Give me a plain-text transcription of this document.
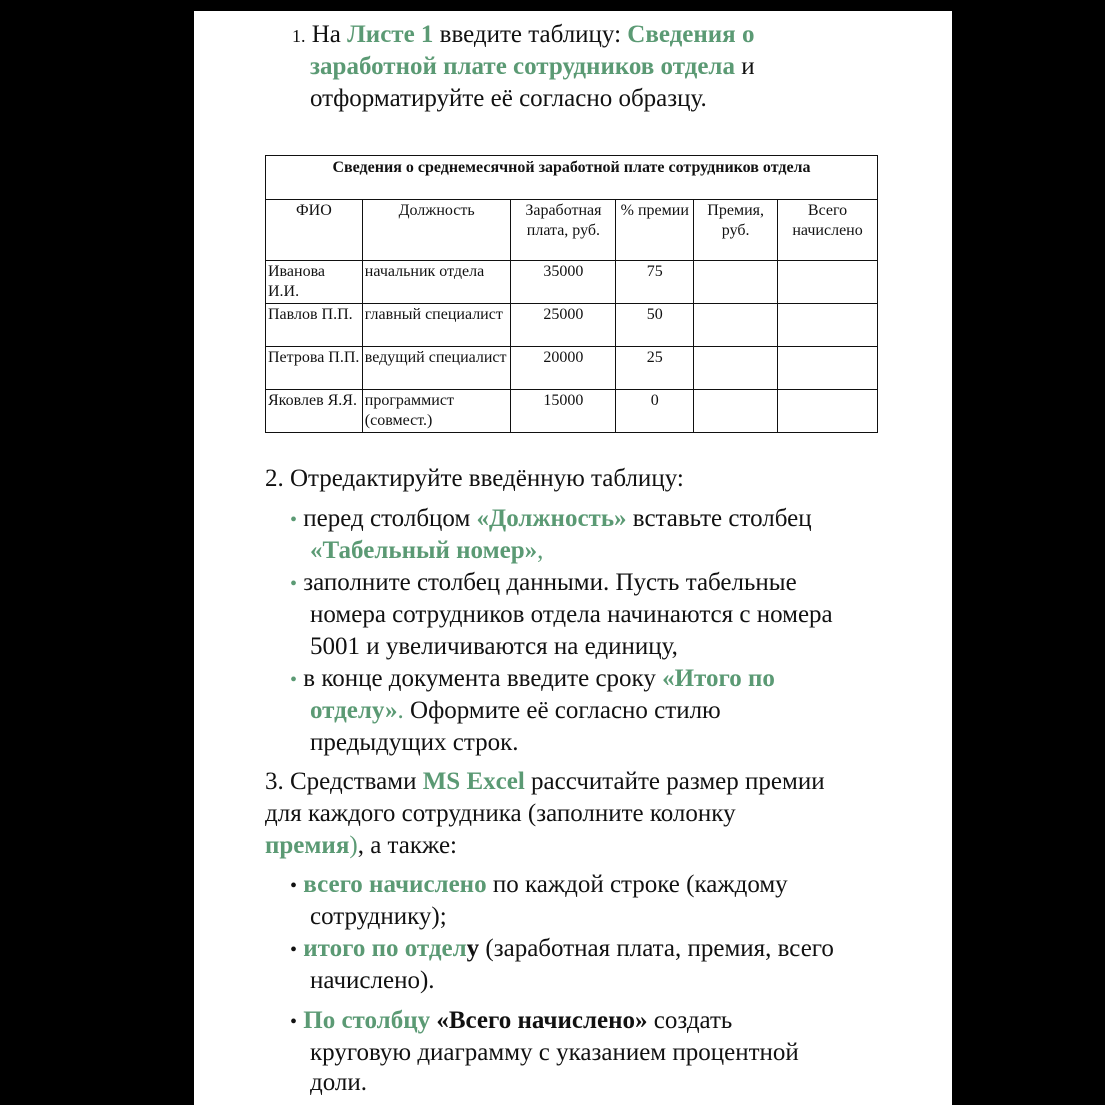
1. На Листе 1 введите таблицу: Сведения о
заработной плате сотрудников отдела и
отформатируйте её согласно образцу.
Сведения о среднемесячной заработной плате сотрудников отдела					
ФИО	Должность	Заработная плата, руб.	% премии	Премия, руб.	Всего начислено
Иванова И.И.	начальник отдела	35000	75		
Павлов П.П.	главный специалист	25000	50		
Петрова П.П.	ведущий специалист	20000	25		
Яковлев Я.Я.	программист (совмест.)	15000	0		
2. Отредактируйте введённую таблицу:
• перед столбцом «Должность» вставьте столбец
«Табельный номер»,
• заполните столбец данными. Пусть табельные
номера сотрудников отдела начинаются с номера
5001 и увеличиваются на единицу,
• в конце документа введите сроку «Итого по
отделу». Оформите её согласно стилю
предыдущих строк.
3. Средствами MS Excel рассчитайте размер премии
для каждого сотрудника (заполните колонку
премия), а также:
• всего начислено по каждой строке (каждому
сотруднику);
• итого по отделу (заработная плата, премия, всего
начислено).
• По столбцу «Всего начислено» создать
круговую диаграмму с указанием процентной
доли.
